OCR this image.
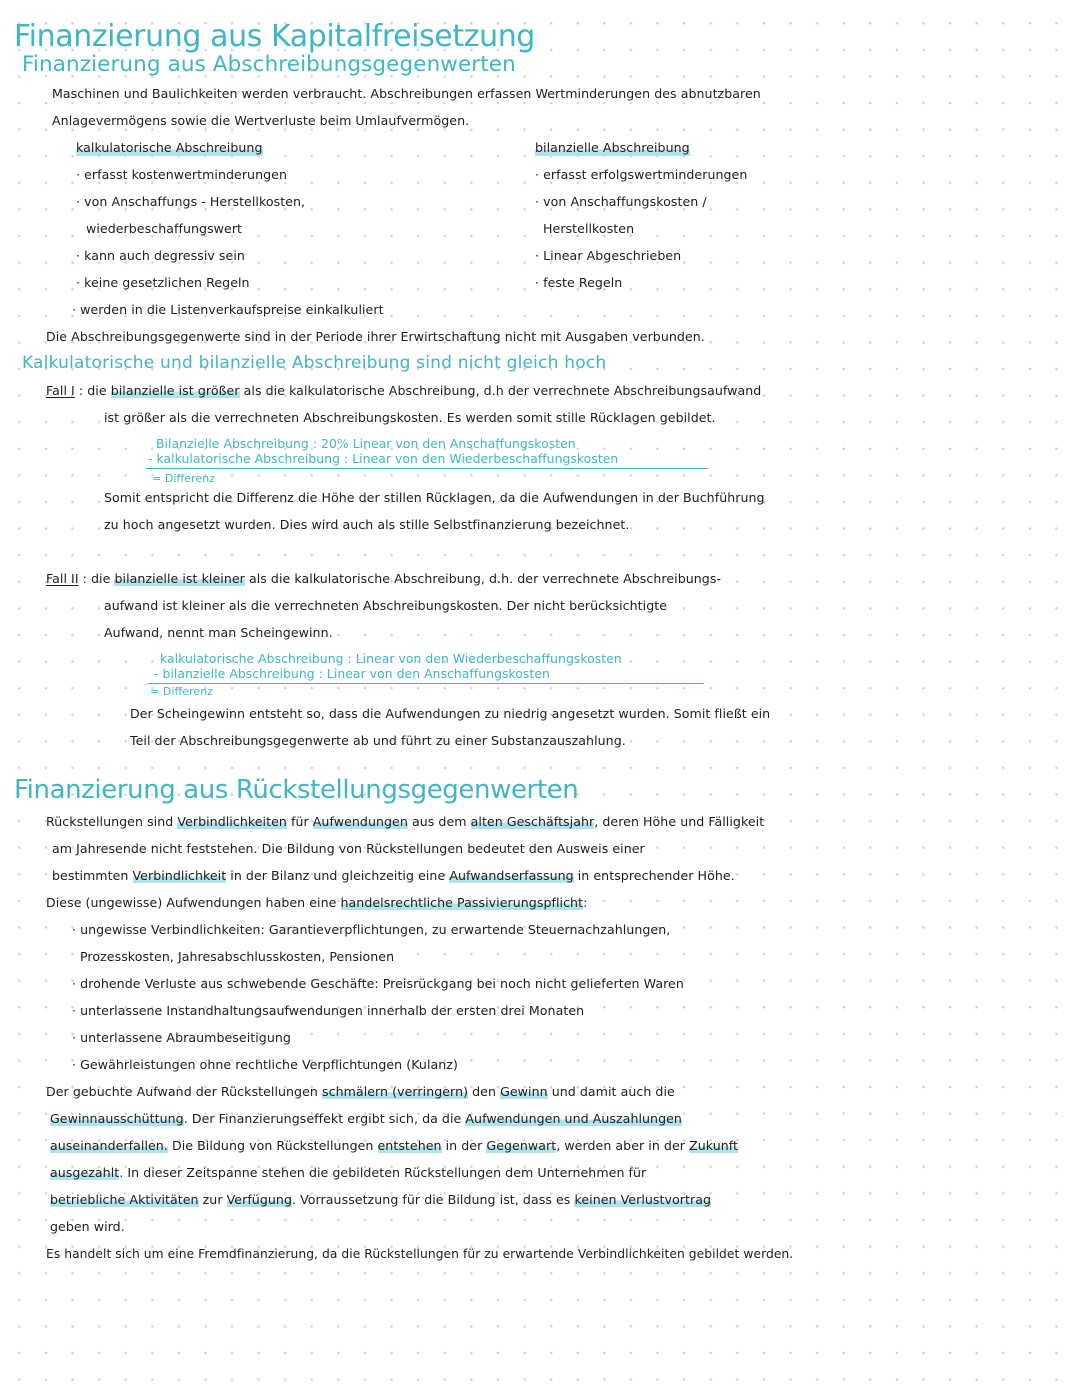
Finanzierung aus Kapitalfreisetzung
Finanzierung aus Abschreibungsgegenwerten
Maschinen und Baulichkeiten werden verbraucht. Abschreibungen erfassen Wertminderungen des abnutzbaren
Anlagevermögens sowie die Wertverluste beim Umlaufvermögen.
kalkulatorische Abschreibung
· erfasst kostenwertminderungen
· von Anschaffungs - Herstellkosten,
wiederbeschaffungswert
· kann auch degressiv sein
· keine gesetzlichen Regeln
· werden in die Listenverkaufspreise einkalkuliert
bilanzielle Abschreibung
· erfasst erfolgswertminderungen
· von Anschaffungskosten /
Herstellkosten
· Linear Abgeschrieben
· feste Regeln
Die Abschreibungsgegenwerte sind in der Periode ihrer Erwirtschaftung nicht mit Ausgaben verbunden.
Kalkulatorische und bilanzielle Abschreibung sind nicht gleich hoch
Fall I : die bilanzielle ist größer als die kalkulatorische Abschreibung, d.h der verrechnete Abschreibungsaufwand
ist größer als die verrechneten Abschreibungskosten. Es werden somit stille Rücklagen gebildet.
Bilanzielle Abschreibung : 20% Linear von den Anschaffungskosten
- kalkulatorische Abschreibung : Linear von den Wiederbeschaffungskosten
= Differenz
Somit entspricht die Differenz die Höhe der stillen Rücklagen, da die Aufwendungen in der Buchführung
zu hoch angesetzt wurden. Dies wird auch als stille Selbstfinanzierung bezeichnet.
Fall II : die bilanzielle ist kleiner als die kalkulatorische Abschreibung, d.h. der verrechnete Abschreibungs-
aufwand ist kleiner als die verrechneten Abschreibungskosten. Der nicht berücksichtigte
Aufwand, nennt man Scheingewinn.
kalkulatorische Abschreibung : Linear von den Wiederbeschaffungskosten
- bilanzielle Abschreibung : Linear von den Anschaffungskosten
= Differenz
Der Scheingewinn entsteht so, dass die Aufwendungen zu niedrig angesetzt wurden. Somit fließt ein
Teil der Abschreibungsgegenwerte ab und führt zu einer Substanzauszahlung.
Finanzierung aus Rückstellungsgegenwerten
Rückstellungen sind Verbindlichkeiten für Aufwendungen aus dem alten Geschäftsjahr, deren Höhe und Fälligkeit
am Jahresende nicht feststehen. Die Bildung von Rückstellungen bedeutet den Ausweis einer
bestimmten Verbindlichkeit in der Bilanz und gleichzeitig eine Aufwandserfassung in entsprechender Höhe.
Diese (ungewisse) Aufwendungen haben eine handelsrechtliche Passivierungspflicht:
· ungewisse Verbindlichkeiten: Garantieverpflichtungen, zu erwartende Steuernachzahlungen,
Prozesskosten, Jahresabschlusskosten, Pensionen
· drohende Verluste aus schwebende Geschäfte: Preisrückgang bei noch nicht gelieferten Waren
· unterlassene Instandhaltungsaufwendungen innerhalb der ersten drei Monaten
· unterlassene Abraumbeseitigung
· Gewährleistungen ohne rechtliche Verpflichtungen (Kulanz)
Der gebuchte Aufwand der Rückstellungen schmälern (verringern) den Gewinn und damit auch die
Gewinnausschüttung. Der Finanzierungseffekt ergibt sich, da die Aufwendungen und Auszahlungen
auseinanderfallen. Die Bildung von Rückstellungen entstehen in der Gegenwart, werden aber in der Zukunft
ausgezahlt. In dieser Zeitspanne stehen die gebildeten Rückstellungen dem Unternehmen für
betriebliche Aktivitäten zur Verfügung. Vorraussetzung für die Bildung ist, dass es keinen Verlustvortrag
geben wird.
Es handelt sich um eine Fremdfinanzierung, da die Rückstellungen für zu erwartende Verbindlichkeiten gebildet werden.
